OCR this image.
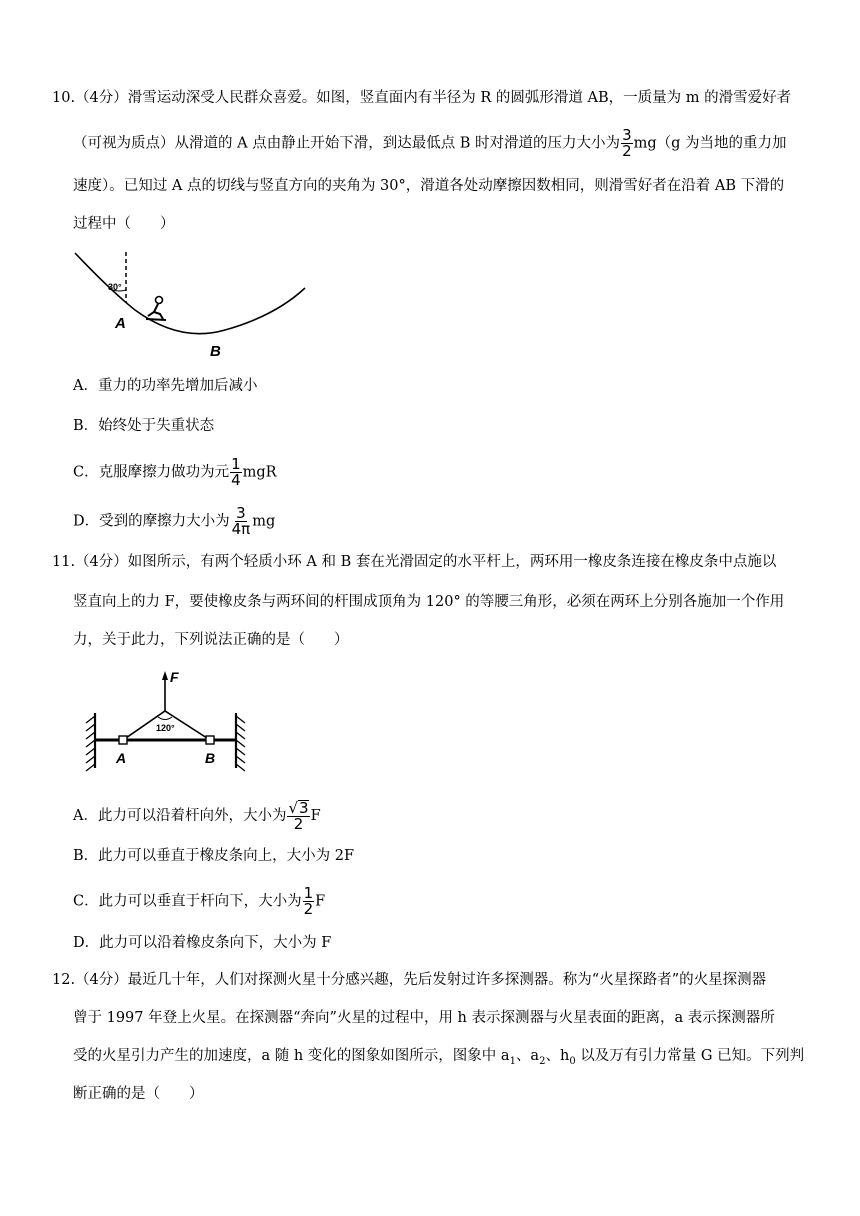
10.（4分）滑雪运动深受人民群众喜爱。如图，竖直面内有半径为 R 的圆弧形滑道 AB，一质量为 m 的滑雪爱好者
（可视为质点）从滑道的 A 点由静止开始下滑，到达最低点 B 时对滑道的压力大小为 $\frac{3}{2} mg(g$ 为当地的重力加
速度）。已知过 A 点的切线与竖直方向的夹角为 30°，滑道各处动摩擦因数相同，则滑雪好者在沿着 AB 下滑的
过程中（　　）
30°
A
B
A．重力的功率先增加后减小
B．始终处于失重状态
C．克服摩擦力做功为元 $\frac{1}{4}$ mgR
D．受到的摩擦力大小为 $\frac{3}{4\pi}$ mg
11.（4分）如图所示，有两个轻质小环 A 和 B 套在光滑固定的水平杆上，两环用一橡皮条连接在橡皮条中点施以
竖直向上的力 F，要使橡皮条与两环间的杆围成顶角为 120° 的等腰三角形，必须在两环上分别各施加一个作用
力，关于此力，下列说法正确的是（　　）
F
120°
A	B
A．此力可以沿着杆向外，大小为 $\frac{√3}{2}$ F
B．此力可以垂直于橡皮条向上，大小为 2F
C．此力可以垂直于杆向下，大小为 $\frac{1}{2}$ F
D．此力可以沿着橡皮条向下，大小为 F
12.（4分）最近几十年，人们对探测火星十分感兴趣，先后发射过许多探测器。称为“火星探路者”的火星探测器
曾于 1997 年登上火星。在探测器“奔向”火星的过程中，用 h 表示探测器与火星表面的距离，a 表示探测器所
受的火星引力产生的加速度，a 随 h 变化的图象如图所示，图象中 $a_1$、$a_2$、$h_0$ 以及万有引力常量 G 已知。下列判
断正确的是（　　）
